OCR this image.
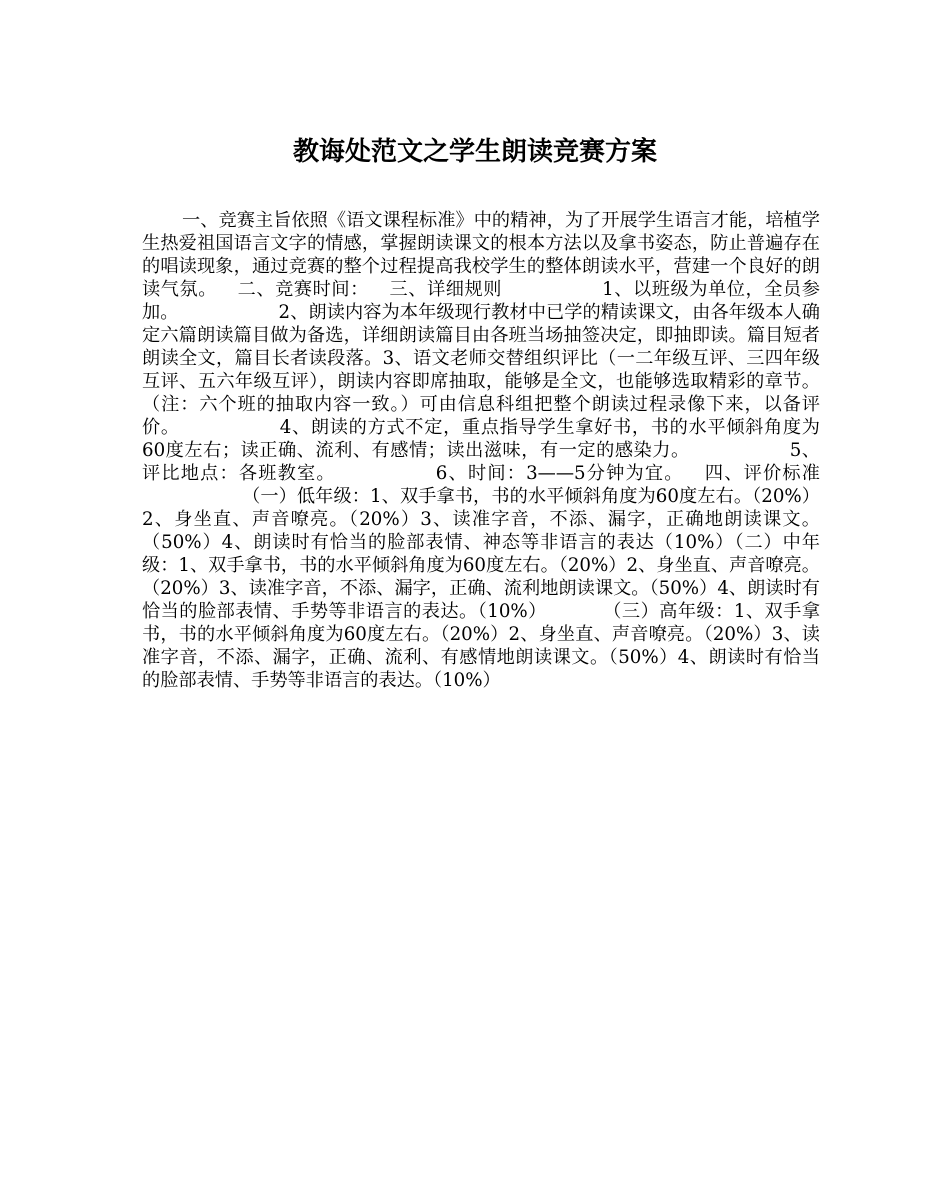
教诲处范文之学生朗读竞赛方案

一、竞赛主旨依照《语文课程标准》中的精神，为了开展学生语言才能，培植学生热爱祖国语言文字的情感，掌握朗读课文的根本方法以及拿书姿态，防止普遍存在的唱读现象，通过竞赛的整个过程提高我校学生的整体朗读水平，营建一个良好的朗读气氛。 二、竞赛时间： 三、详细规则	1、以班级为单位，全员参加。	2、朗读内容为本年级现行教材中已学的精读课文，由各年级本人确定六篇朗读篇目做为备选，详细朗读篇目由各班当场抽签决定，即抽即读。篇目短者朗读全文，篇目长者读段落。3、语文老师交替组织评比（一二年级互评、三四年级互评、五六年级互评），朗读内容即席抽取，能够是全文，也能够选取精彩的章节。（注：六个班的抽取内容一致。）可由信息科组把整个朗读过程录像下来，以备评价。	4、朗读的方式不定，重点指导学生拿好书，书的水平倾斜角度为60度左右；读正确、流利、有感情；读出滋味，有一定的感染力。	5、评比地点：各班教室。	6、时间：3——5分钟为宜。 四、评价标准（一）低年级：1、双手拿书，书的水平倾斜角度为60度左右。（20%）2、身坐直、声音嘹亮。（20%）3、读准字音，不添、漏字，正确地朗读课文。（50%）4、朗读时有恰当的脸部表情、神态等非语言的表达（10%）（二）中年级：1、双手拿书，书的水平倾斜角度为60度左右。（20%）2、身坐直、声音嘹亮。（20%）3、读准字音，不添、漏字，正确、流利地朗读课文。（50%）4、朗读时有恰当的脸部表情、手势等非语言的表达。（10%）	（三）高年级：1、双手拿书，书的水平倾斜角度为60度左右。（20%）2、身坐直、声音嘹亮。（20%）3、读准字音，不添、漏字，正确、流利、有感情地朗读课文。（50%）4、朗读时有恰当的脸部表情、手势等非语言的表达。（10%）
